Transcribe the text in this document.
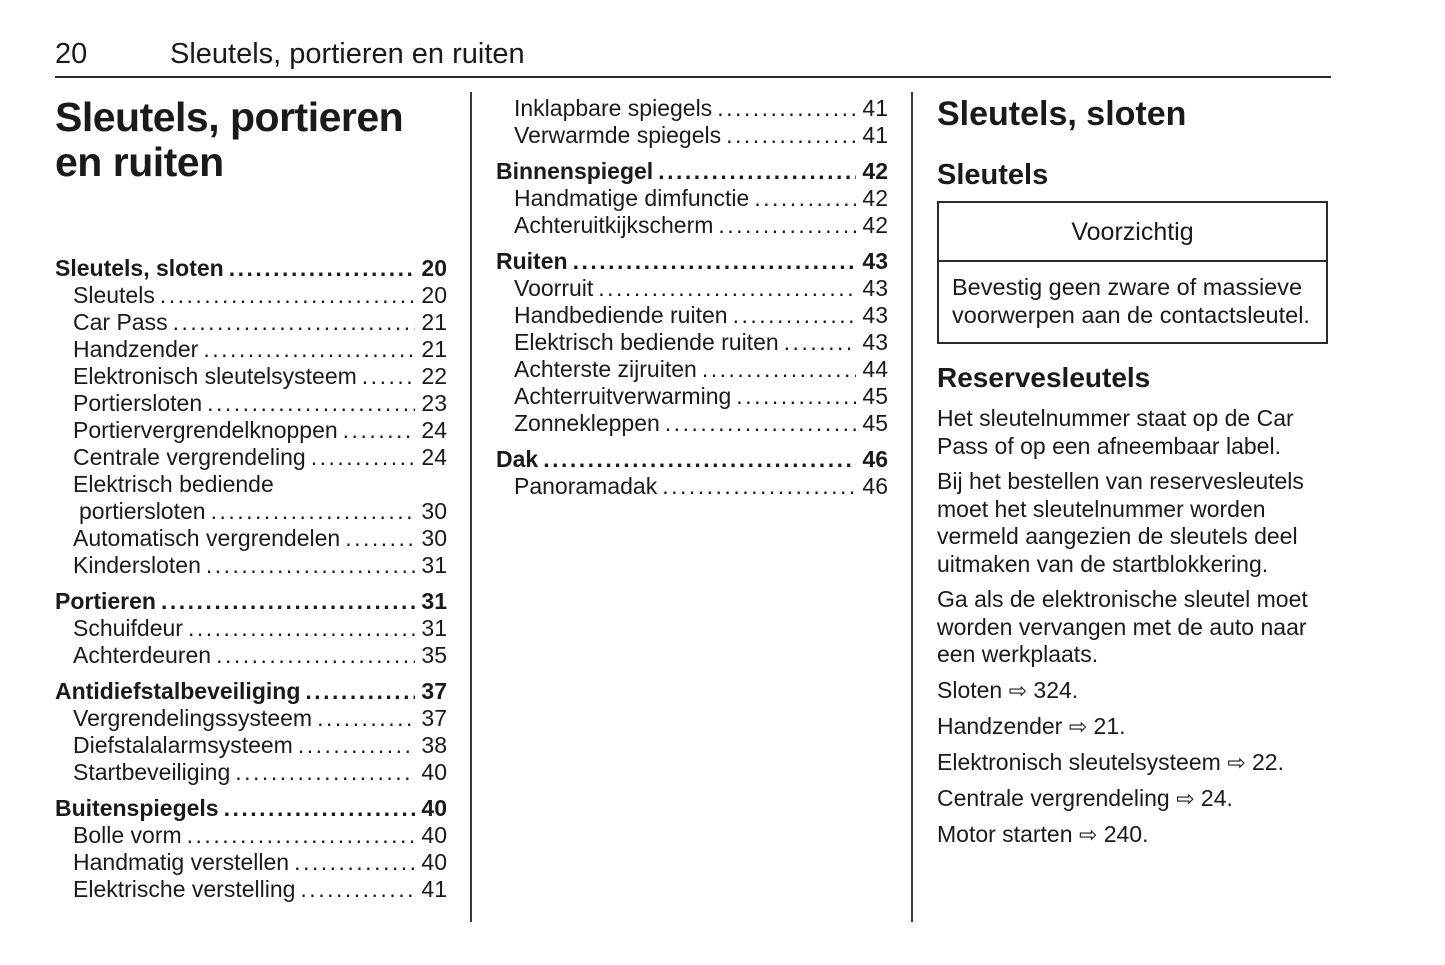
20	Sleutels, portieren en ruiten
Sleutels, portieren en ruiten
Sleutels, sloten .....	20
Sleutels .....	20
Car Pass .....	21
Handzender .....	21
Elektronisch sleutelsysteem .....	22
Portiersloten .....	23
Portiervergrendelknoppen .....	24
Centrale vergrendeling .....	24
Elektrisch bediende
portiersloten .....	30
Automatisch vergrendelen .....	30
Kindersloten .....	31
Portieren .....	31
Schuifdeur .....	31
Achterdeuren .....	35
Antidiefstalbeveiliging .....	37
Vergrendelingssysteem .....	37
Diefstalalarmsysteem .....	38
Startbeveiliging .....	40
Buitenspiegels .....	40
Bolle vorm .....	40
Handmatig verstellen .....	40
Elektrische verstelling .....	41
Inklapbare spiegels .....	41
Verwarmde spiegels .....	41
Binnenspiegel .....	42
Handmatige dimfunctie .....	42
Achteruitkijkscherm .....	42
Ruiten .....	43
Voorruit .....	43
Handbediende ruiten .....	43
Elektrisch bediende ruiten .....	43
Achterste zijruiten .....	44
Achterruitverwarming .....	45
Zonnekleppen .....	45
Dak .....	46
Panoramadak .....	46
Sleutels, sloten
Sleutels
Voorzichtig
Bevestig geen zware of massieve voorwerpen aan de contactsleutel.
Reservesleutels

Het sleutelnummer staat op de Car Pass of op een afneembaar label.

Bij het bestellen van reservesleutels moet het sleutelnummer worden vermeld aangezien de sleutels deel uitmaken van de startblokkering.

Ga als de elektronische sleutel moet worden vervangen met de auto naar een werkplaats.

Sloten ⇨ 324.
Handzender ⇨ 21.
Elektronisch sleutelsysteem ⇨ 22.
Centrale vergrendeling ⇨ 24.
Motor starten ⇨ 240.
